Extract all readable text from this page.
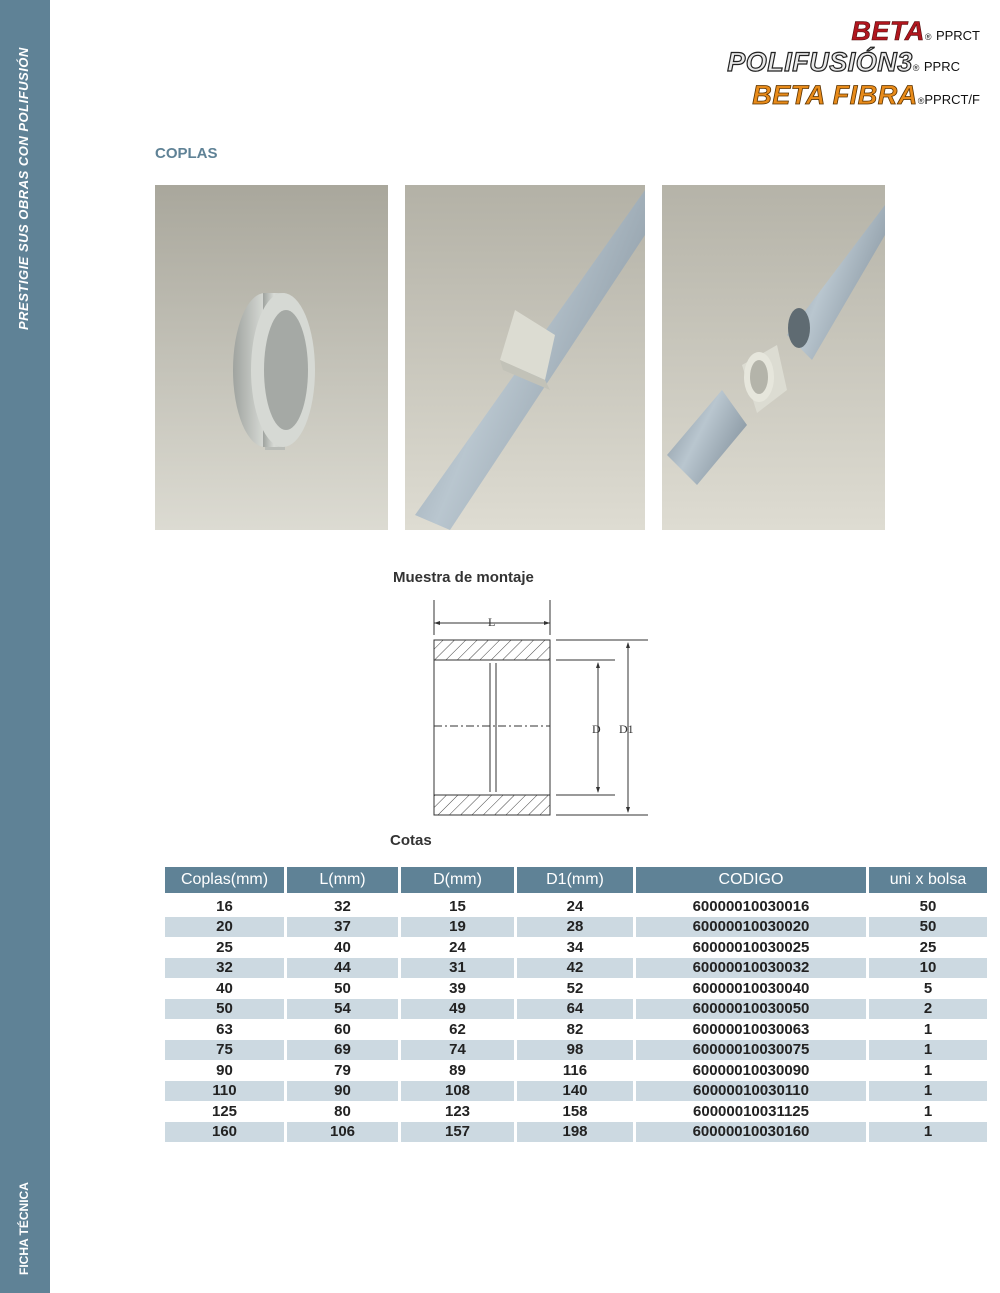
PRESTIGIE SUS OBRAS CON POLIFUSIÓN
FICHA TÉCNICA
BETA® PPRCT
POLIFUSIÓN3® PPRC
BETA FIBRA®PPRCT/F
COPLAS
Muestra de montaje
L
D D1
Cotas
Coplas(mm)	L(mm)	D(mm)	D1(mm)	CODIGO	uni x bolsa
16	32	15	24	60000010030016	50
20	37	19	28	60000010030020	50
25	40	24	34	60000010030025	25
32	44	31	42	60000010030032	10
40	50	39	52	60000010030040	5
50	54	49	64	60000010030050	2
63	60	62	82	60000010030063	1
75	69	74	98	60000010030075	1
90	79	89	116	60000010030090	1
110	90	108	140	60000010030110	1
125	80	123	158	60000010031125	1
160	106	157	198	60000010030160	1
